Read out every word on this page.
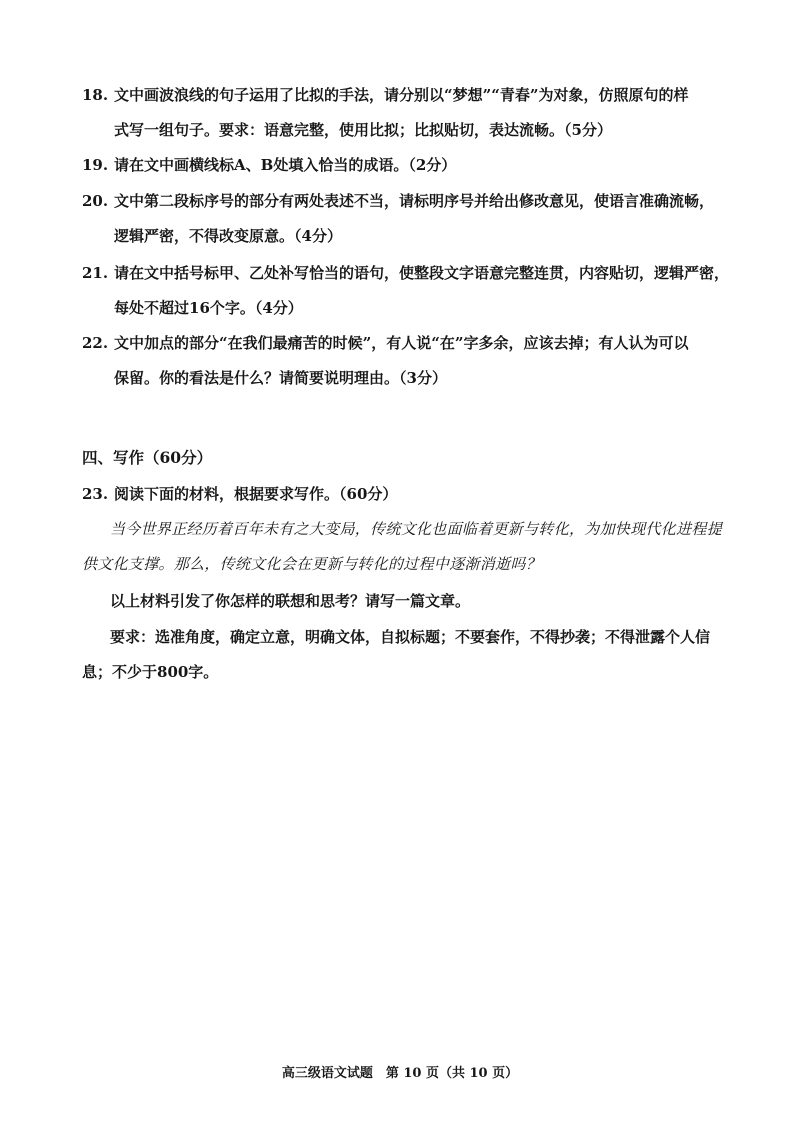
18. 文中画波浪线的句子运用了比拟的手法，请分别以“梦想”“青春”为对象，仿照原句的样
式写一组句子。要求：语意完整，使用比拟；比拟贴切，表达流畅。（5分）
19. 请在文中画横线标A、B处填入恰当的成语。（2分）
20. 文中第二段标序号的部分有两处表述不当，请标明序号并给出修改意见，使语言准确流畅，
逻辑严密，不得改变原意。（4分）
21. 请在文中括号标甲、乙处补写恰当的语句，使整段文字语意完整连贯，内容贴切，逻辑严密，
每处不超过16个字。（4分）
22. 文中加点的部分“在我们最痛苦的时候”，有人说“在”字多余，应该去掉；有人认为可以
保留。你的看法是什么？请简要说明理由。（3分）
四、写作（60分）
23. 阅读下面的材料，根据要求写作。（60分）
当今世界正经历着百年未有之大变局，传统文化也面临着更新与转化，为加快现代化进程提
供文化支撑。那么，传统文化会在更新与转化的过程中逐渐消逝吗？
以上材料引发了你怎样的联想和思考？请写一篇文章。
要求：选准角度，确定立意，明确文体，自拟标题；不要套作，不得抄袭；不得泄露个人信
息；不少于800字。
高三级语文试题　第 10 页（共 10 页）
